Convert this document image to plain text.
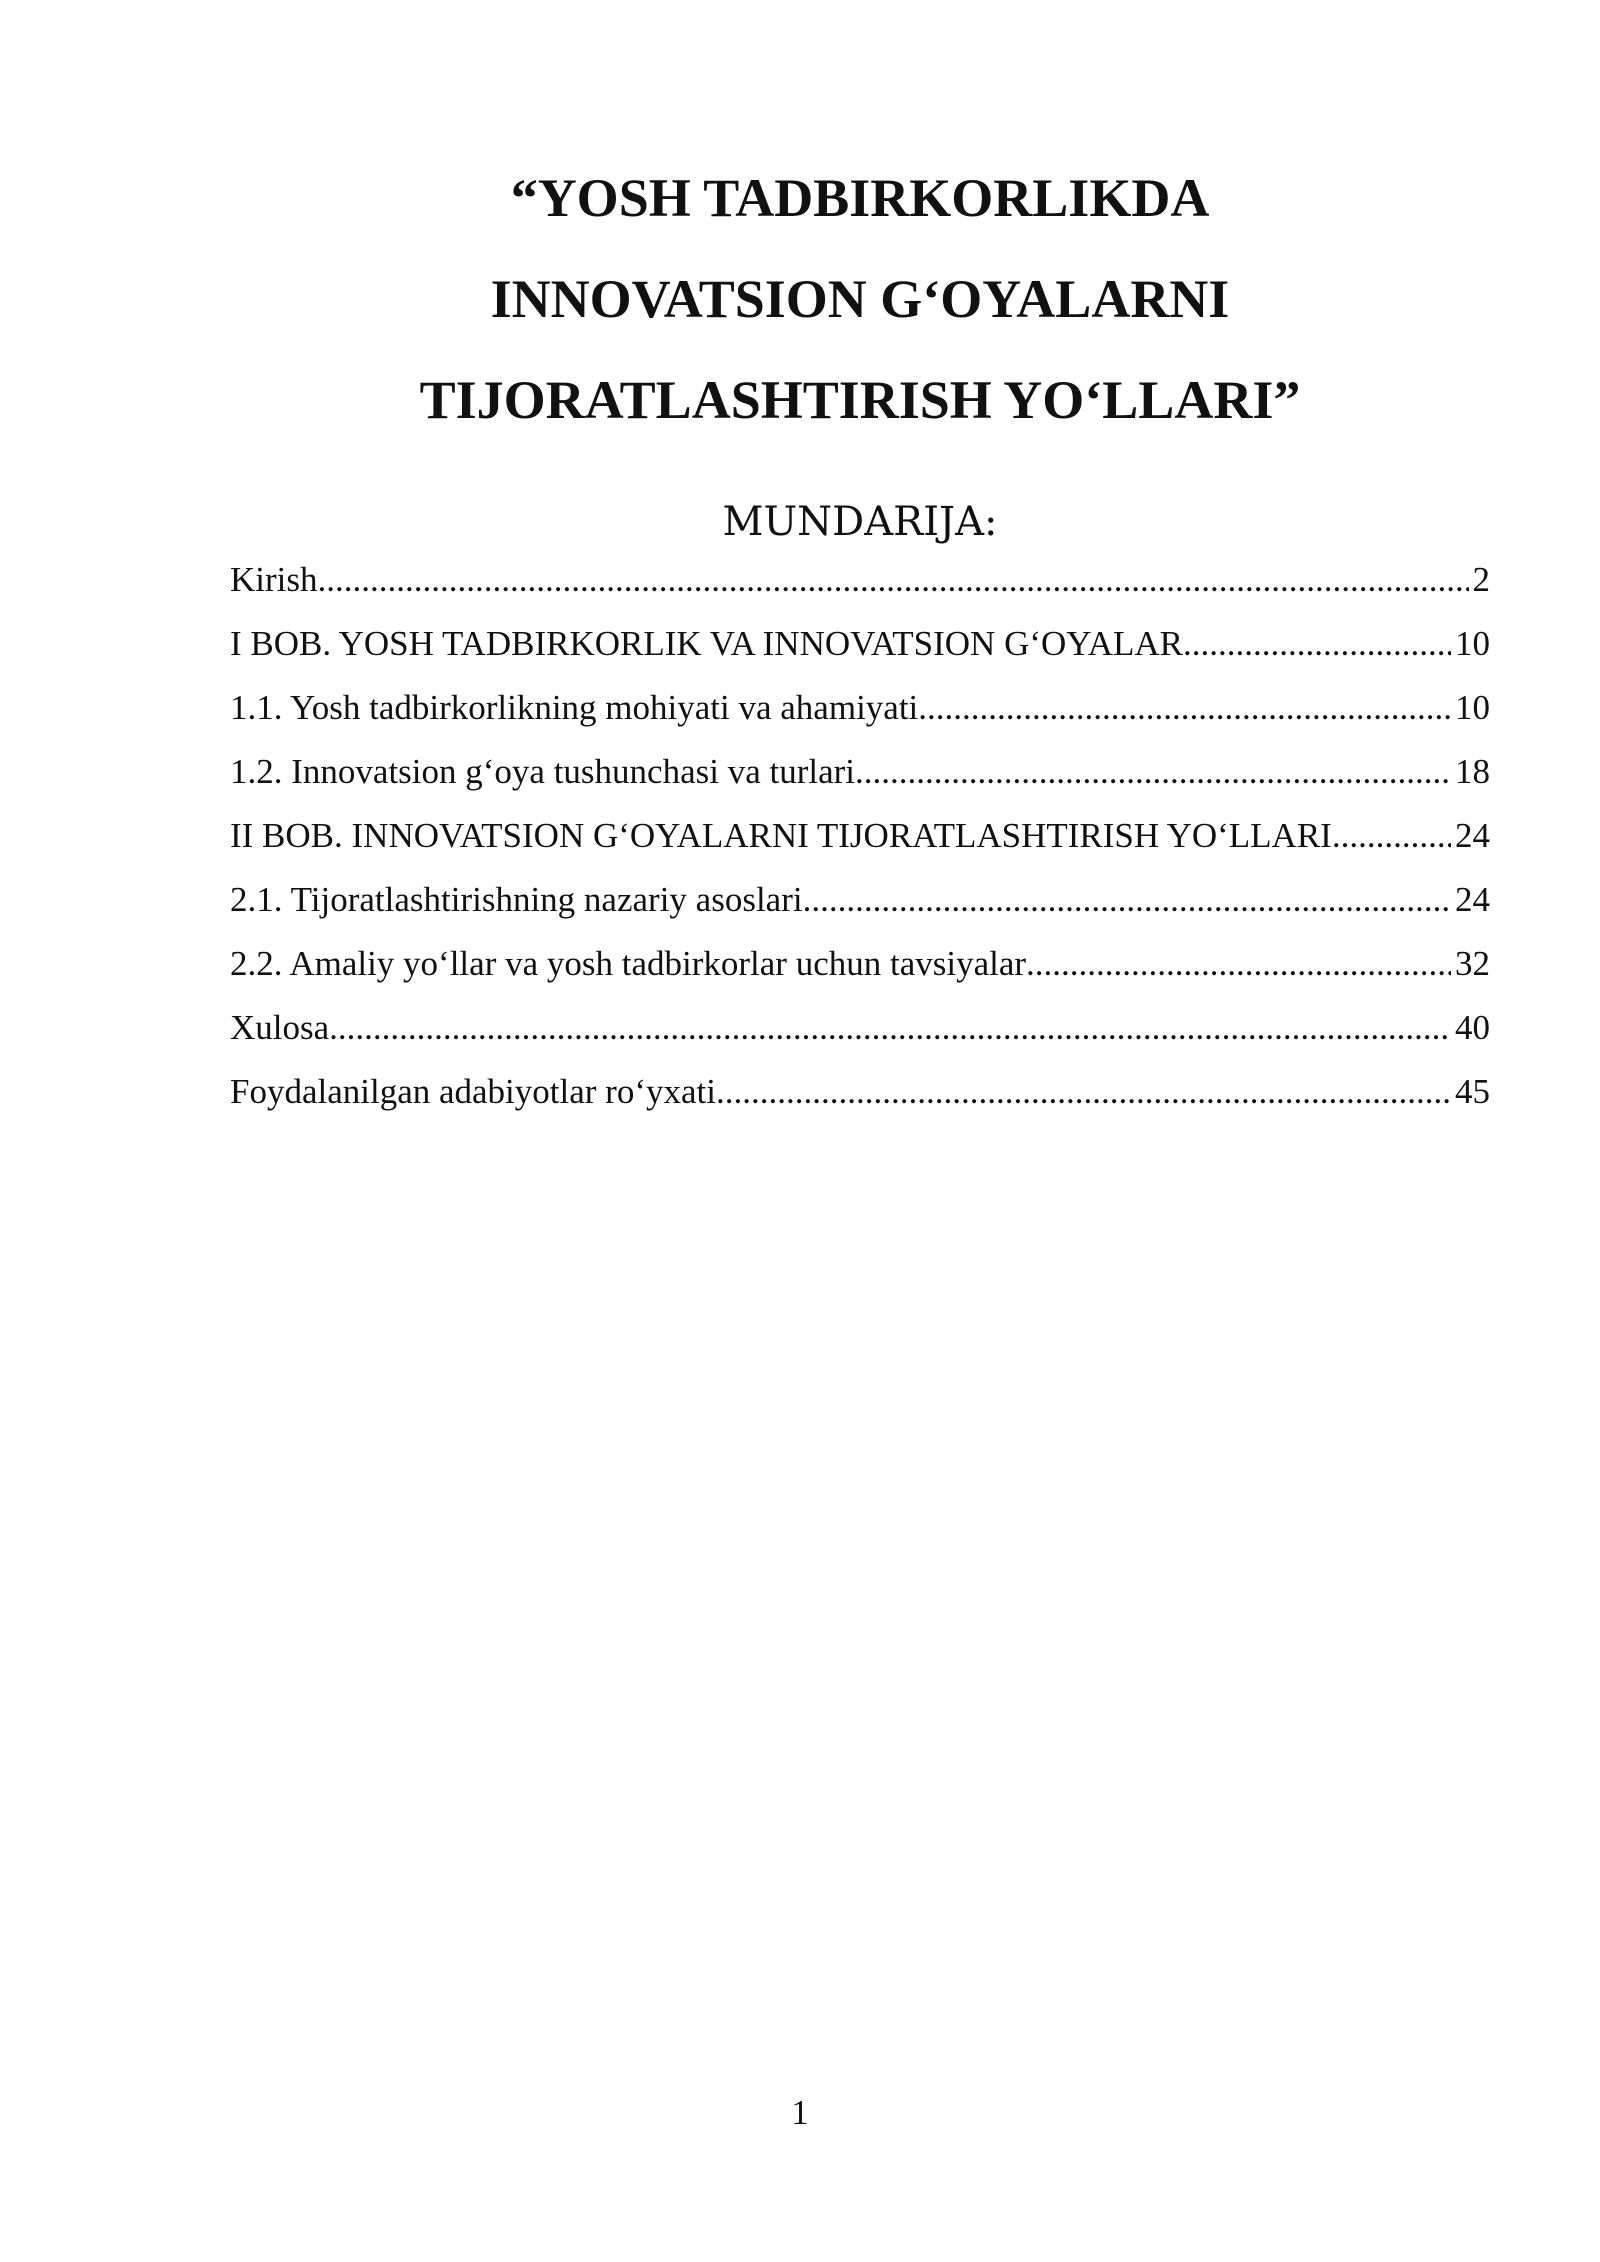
“YOSH TADBIRKORLIKDA
INNOVATSION G‘OYALARNI
TIJORATLASHTIRISH YO‘LLARI”
MUNDARIJA:
Kirish .....	2
I BOB. YOSH TADBIRKORLIK VA INNOVATSION G‘OYALAR .....	10
1.1. Yosh tadbirkorlikning mohiyati va ahamiyati .....	10
1.2. Innovatsion g‘oya tushunchasi va turlari .....	18
II BOB. INNOVATSION G‘OYALARNI TIJORATLASHTIRISH YO‘LLARI .....	24
2.1. Tijoratlashtirishning nazariy asoslari .....	24
2.2. Amaliy yo‘llar va yosh tadbirkorlar uchun tavsiyalar .....	32
Xulosa .....	40
Foydalanilgan adabiyotlar ro‘yxati .....	45
1
